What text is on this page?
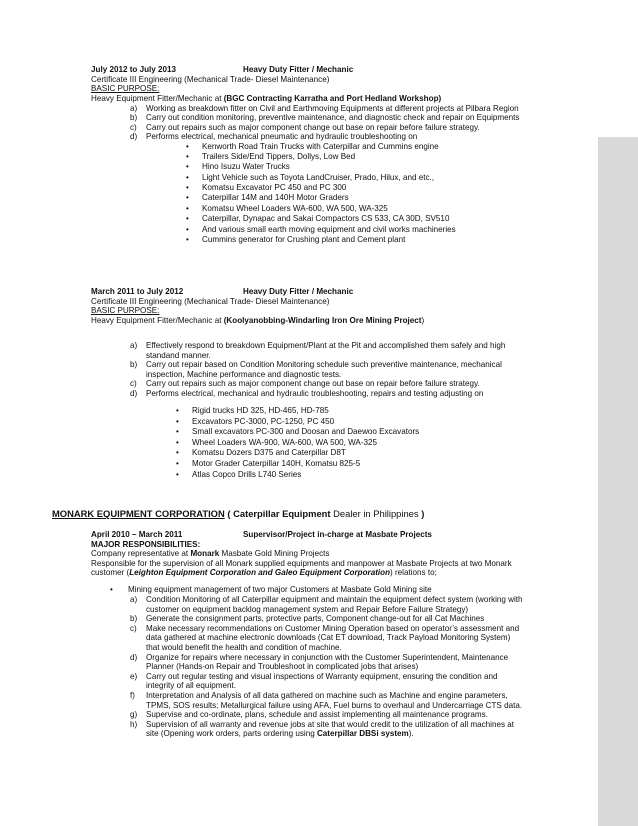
July 2012 to July 2013	Heavy Duty Fitter / Mechanic
Certificate III Engineering (Mechanical Trade- Diesel Maintenance)
BASIC PURPOSE:
Heavy Equipment Fitter/Mechanic at (BGC Contracting Karratha and Port Hedland Workshop)
a)	Working as breakdown fitter on Civil and Earthmoving Equipments at different projects at Pilbara Region
b)	Carry out condition monitoring, preventive maintenance, and diagnostic check and repair on Equipments
c)	Carry out repairs such as major component change out base on repair before failure strategy.
d)	Performs electrical, mechanical pneumatic and hydraulic troubleshooting on
•	Kenworth Road Train Trucks with Caterpillar and Cummins engine
•	Trailers Side/End Tippers, Dollys, Low Bed
•	Hino Isuzu Water Trucks
•	Light Vehicle such as Toyota LandCruiser, Prado, Hilux, and etc.,
•	Komatsu Excavator PC 450 and PC 300
•	Caterpillar 14M and 140H Motor Graders
•	Komatsu Wheel Loaders WA-600, WA 500, WA-325
•	Caterpillar, Dynapac and Sakai Compactors CS 533, CA 30D, SV510
•	And various small earth moving equipment and civil works machineries
•	Cummins generator for Crushing plant and Cement plant
March 2011 to July 2012	Heavy Duty Fitter / Mechanic
Certificate III Engineering (Mechanical Trade- Diesel Maintenance)
BASIC PURPOSE:
Heavy Equipment Fitter/Mechanic at (Koolyanobbing-Windarling Iron Ore Mining Project)
a)	Effectively respond to breakdown Equipment/Plant at the Pit and accomplished them safely and high
standand manner.
b)	Carry out repair based on Condition Monitoring schedule such preventive maintenance, mechanical
inspection, Machine performance and diagnostic tests.
c)	Carry out repairs such as major component change out base on repair before failure strategy.
d)	Performs electrical, mechanical and hydraulic troubleshooting, repairs and testing adjusting on
•	Rigid trucks HD 325, HD-465, HD-785
•	Excavators PC-3000, PC-1250, PC 450
•	Small excavators PC-300 and Doosan and Daewoo Excavators
•	Wheel Loaders WA-900, WA-600, WA 500, WA-325
•	Komatsu Dozers D375 and Caterpillar D8T
•	Motor Grader Caterpillar 140H, Komatsu 825-5
•	Atlas Copco Drills L740 Series
MONARK EQUIPMENT CORPORATION ( Caterpillar Equipment Dealer in Philippines )
April 2010 – March 2011	Supervisor/Project in-charge at Masbate Projects
MAJOR RESPONSIBILITIES:
Company representative at Monark Masbate Gold Mining Projects
Responsible for the supervision of all Monark supplied equipments and manpower at Masbate Projects at two Monark
customer (Leighton Equipment Corporation and Galeo Equipment Corporation) relations to;
•	Mining equipment management of two major Customers at Masbate Gold Mining site
a)	Condition Monitoring of all Caterpillar equipment and maintain the equipment defect system (working with
customer on equipment backlog management system and Repair Before Failure Strategy)
b)	Generate the consignment parts, protective parts, Component change-out for all Cat Machines
c)	Make necessary recommendations on Customer Mining Operation based on operator’s assessment and
data gathered at machine electronic downloads (Cat ET download, Track Payload Monitoring System)
that would benefit the health and condition of machine.
d)	Organize for repairs where necessary in conjunction with the Customer Superintendent, Maintenance
Planner (Hands-on Repair and Troubleshoot in complicated jobs that arises)
e)	Carry out regular testing and visual inspections of Warranty equipment, ensuring the condition and
integrity of all equipment.
f)	Interpretation and Analysis of all data gathered on machine such as Machine and engine parameters,
TPMS, SOS results; Metallurgical failure using AFA, Fuel burns to overhaul and Undercarriage CTS data.
g)	Supervise and co-ordinate, plans, schedule and assist implementing all maintenance programs.
h)	Supervision of all warranty and revenue jobs at site that would credit to the utilization of all machines at
site (Opening work orders, parts ordering using Caterpillar DBSi system).
